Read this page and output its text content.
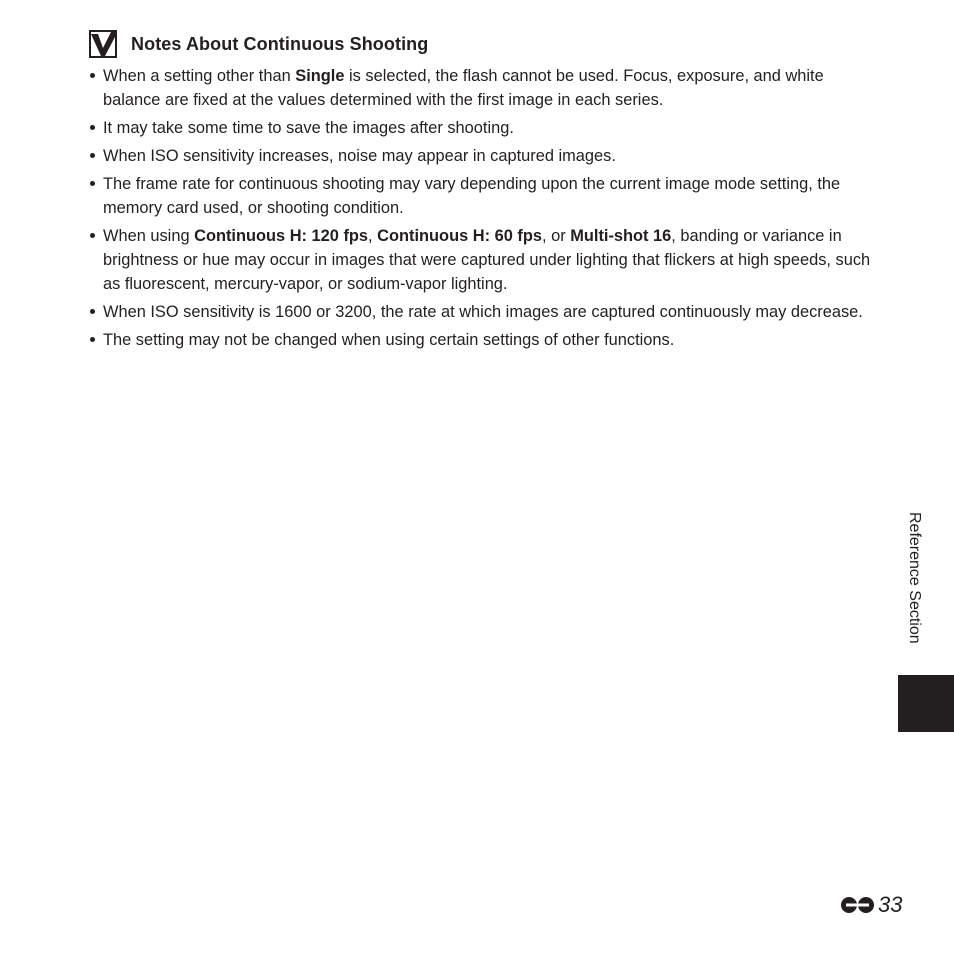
Notes About Continuous Shooting
When a setting other than Single is selected, the flash cannot be used. Focus, exposure, and white balance are fixed at the values determined with the first image in each series.
It may take some time to save the images after shooting.
When ISO sensitivity increases, noise may appear in captured images.
The frame rate for continuous shooting may vary depending upon the current image mode setting, the memory card used, or shooting condition.
When using Continuous H: 120 fps, Continuous H: 60 fps, or Multi-shot 16, banding or variance in brightness or hue may occur in images that were captured under lighting that flickers at high speeds, such as fluorescent, mercury-vapor, or sodium-vapor lighting.
When ISO sensitivity is 1600 or 3200, the rate at which images are captured continuously may decrease.
The setting may not be changed when using certain settings of other functions.
Reference Section
33
